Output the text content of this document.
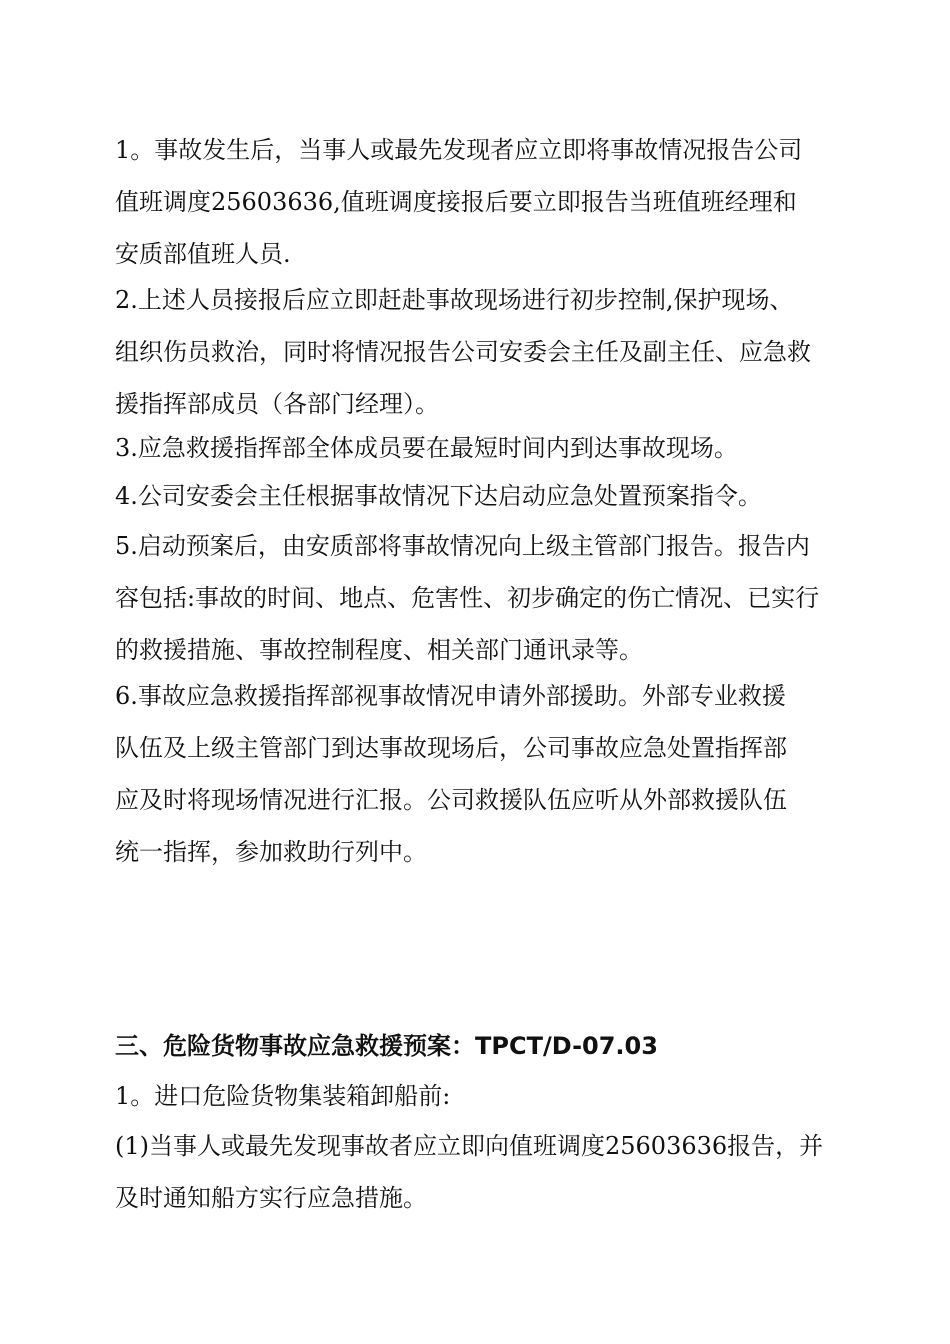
1。事故发生后，当事人或最先发现者应立即将事故情况报告公司
值班调度25603636,值班调度接报后要立即报告当班值班经理和
安质部值班人员.
2.上述人员接报后应立即赶赴事故现场进行初步控制,保护现场、
组织伤员救治，同时将情况报告公司安委会主任及副主任、应急救
援指挥部成员（各部门经理）。
3.应急救援指挥部全体成员要在最短时间内到达事故现场。
4.公司安委会主任根据事故情况下达启动应急处置预案指令。
5.启动预案后，由安质部将事故情况向上级主管部门报告。报告内
容包括:事故的时间、地点、危害性、初步确定的伤亡情况、已实行
的救援措施、事故控制程度、相关部门通讯录等。
6.事故应急救援指挥部视事故情况申请外部援助。外部专业救援
队伍及上级主管部门到达事故现场后，公司事故应急处置指挥部
应及时将现场情况进行汇报。公司救援队伍应听从外部救援队伍
统一指挥，参加救助行列中。
三、危险货物事故应急救援预案：TPCT/D-07.03
1。进口危险货物集装箱卸船前:
(1)当事人或最先发现事故者应立即向值班调度25603636报告，并
及时通知船方实行应急措施。
